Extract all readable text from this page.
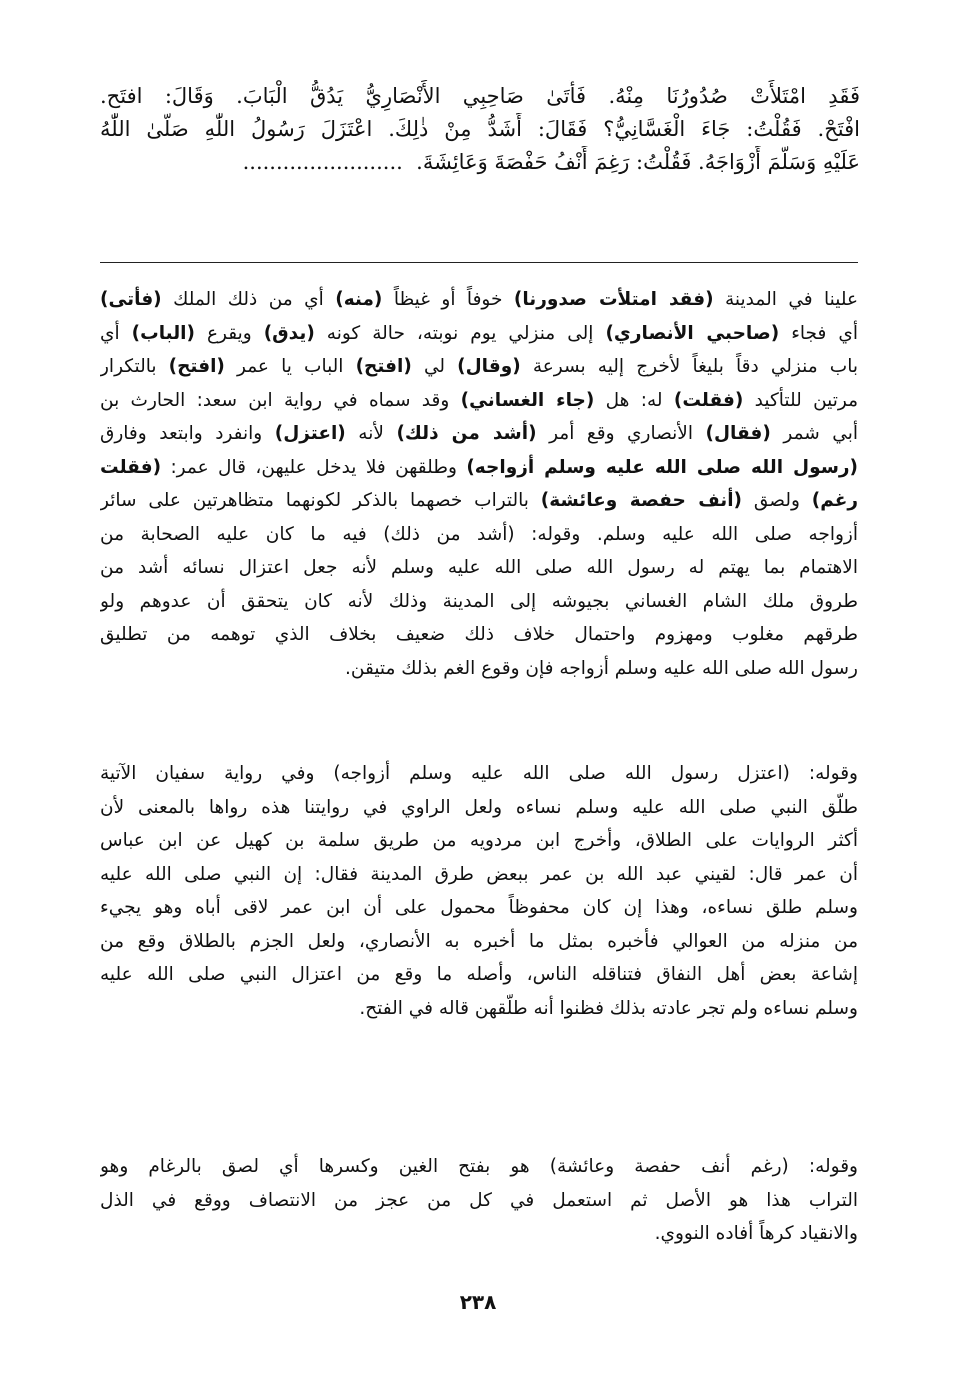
فَقَدِ امْتَلأَتْ صُدُورُنَا مِنْهُ. فَأَتَىٰ صَاحِبِي الأَنْصَارِيُّ يَدُقُّ الْبَابَ. وَقَالَ: افتَح.
افْتَحْ. فَقُلْتُ: جَاءَ الْغَسَّانِيُّ؟ فَقَالَ: أَشَدُّ مِنْ ذٰلِكَ. اعْتَزَلَ رَسُولُ اللّٰهِ صَلَّىٰ اللّٰهُ
عَلَيْهِ وَسَلَّمَ أَزْوَاجَهُ. فَقُلْتُ: رَغِمَ أَنْفُ حَفْصَةَ وَعَائِشَةَ.  ........................
علينا في المدينة (فقد امتلأت صدورنا) خوفاً أو غيظاً (منه) أي من ذلك الملك (فأتى)
أي فجاء (صاحبي الأنصاري) إلى منزلي يوم نوبته، حالة كونه (يدق) ويقرع (الباب) أي
باب منزلي دقاً بليغاً لأخرج إليه بسرعة (وقال) لي (افتح) الباب يا عمر (افتح) بالتكرار
مرتين للتأكيد (فقلت) له: هل (جاء الغساني) وقد سماه في رواية ابن سعد: الحارث بن
أبي شمر (فقال) الأنصاري وقع أمر (أشد من ذلك) لأنه (اعتزل) وانفرد وابتعد وفارق
(رسول الله صلى الله عليه وسلم أزواجه) وطلقهن فلا يدخل عليهن، قال عمر: (فقلت
رغم) ولصق (أنف حفصة وعائشة) بالتراب خصهما بالذكر لكونهما متظاهرتين على سائر
أزواجه صلى الله عليه وسلم. وقوله: (أشد من ذلك) فيه ما كان عليه الصحابة من
الاهتمام بما يهتم له رسول الله صلى الله عليه وسلم لأنه جعل اعتزال نسائه أشد من
طروق ملك الشام الغساني بجيوشه إلى المدينة وذلك لأنه كان يتحقق أن عدوهم ولو
طرقهم مغلوب ومهزوم واحتمال خلاف ذلك ضعيف بخلاف الذي توهمه من تطليق
رسول الله صلى الله عليه وسلم أزواجه فإن وقوع الغم بذلك متيقن.
وقوله: (اعتزل رسول الله صلى الله عليه وسلم أزواجه) وفي رواية سفيان الآتية
طلّق النبي صلى الله عليه وسلم نساءه ولعل الراوي في روايتنا هذه رواها بالمعنى لأن
أكثر الروايات على الطلاق، وأخرج ابن مردويه من طريق سلمة بن كهيل عن ابن عباس
أن عمر قال: لقيني عبد الله بن عمر ببعض طرق المدينة فقال: إن النبي صلى الله عليه
وسلم طلق نساءه، وهذا إن كان محفوظاً محمول على أن ابن عمر لاقى أباه وهو يجيء
من منزله من العوالي فأخبره بمثل ما أخبره به الأنصاري، ولعل الجزم بالطلاق وقع من
إشاعة بعض أهل النفاق فتناقله الناس، وأصله ما وقع من اعتزال النبي صلى الله عليه
وسلم نساءه ولم تجر عادته بذلك فظنوا أنه طلّقهن قاله في الفتح.
وقوله: (رغم أنف حفصة وعائشة) هو بفتح الغين وكسرها أي لصق بالرغام وهو
التراب هذا هو الأصل ثم استعمل في كل من عجز من الانتصاف ووقع في الذل
والانقياد كرهاً أفاده النووي.
٢٣٨
